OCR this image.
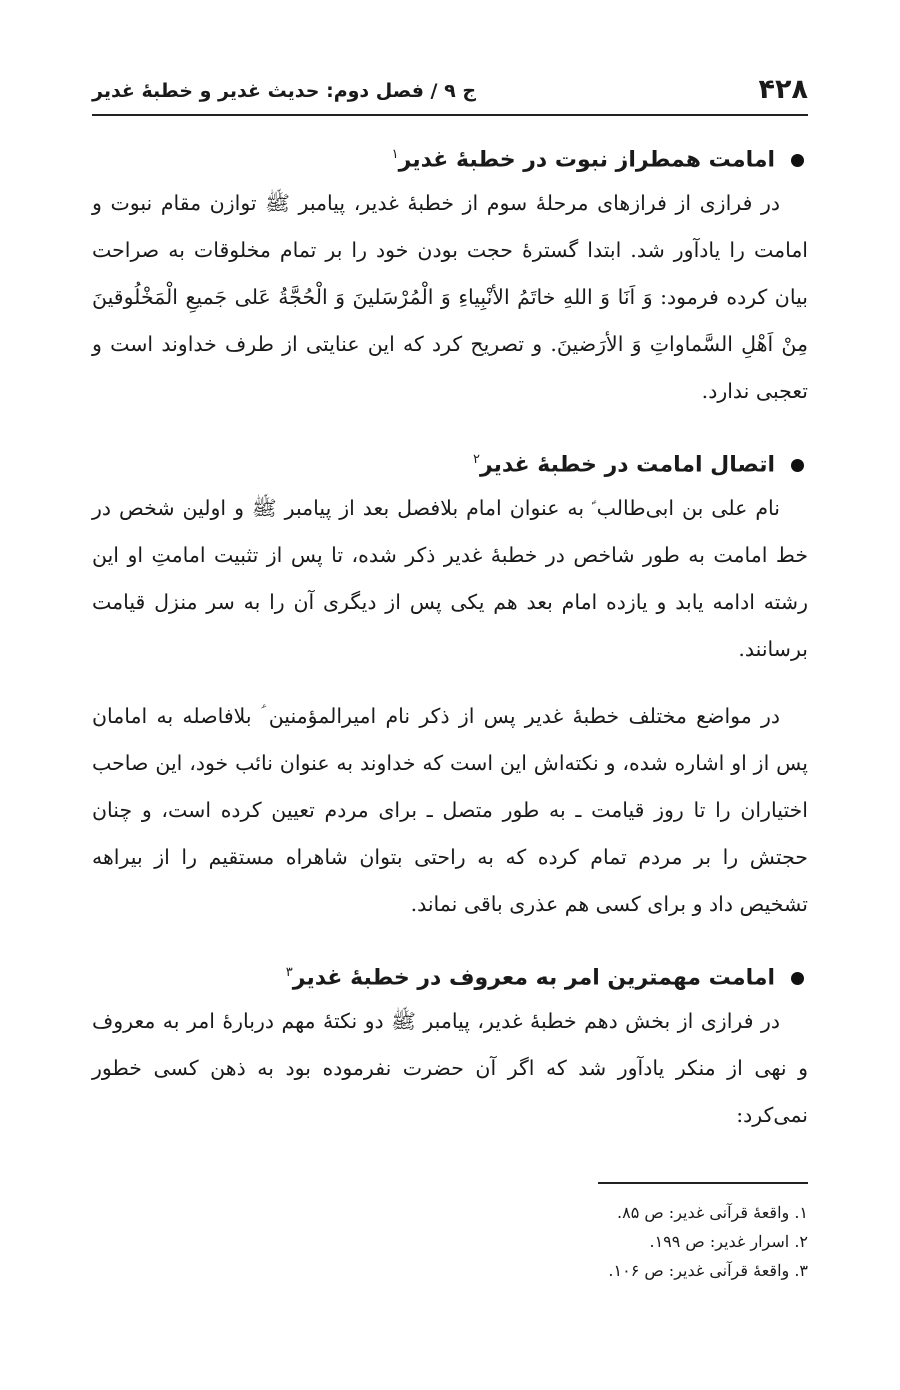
۴۲۸
ج ۹ / فصل دوم: حدیث غدیر و خطبهٔ غدیر
امامت همطراز نبوت در خطبهٔ غدیر$^۱$

در فرازی از فرازهای مرحلهٔ سوم از خطبهٔ غدیر، پیامبر ﷺ توازن مقام نبوت و امامت را یادآور شد. ابتدا گسترهٔ حجت بودن خود را بر تمام مخلوقات به صراحت بیان کرده فرمود: وَ اَنَا وَ اللهِ خاتَمُ الأنْبِیاءِ وَ الْمُرْسَلینَ وَ الْحُجَّةُ عَلی جَمیعِ الْمَخْلُوقینَ مِنْ اَهْلِ السَّماواتِ وَ الأرَضینَ. و تصریح کرد که این عنایتی از طرف خداوند است و تعجبی ندارد.

اتصال امامت در خطبهٔ غدیر$^۲$

نام علی بن ابی‌طالب ؑ به عنوان امام بلافصل بعد از پیامبر ﷺ و اولین شخص در خط امامت به طور شاخص در خطبهٔ غدیر ذکر شده، تا پس از تثبیت امامتِ او این رشته ادامه یابد و یازده امام بعد هم یکی پس از دیگری آن را به سر منزل قیامت برسانند.

در مواضع مختلف خطبهٔ غدیر پس از ذکر نام امیرالمؤمنین ؑ بلافاصله به امامان پس از او اشاره شده، و نکته‌اش این است که خداوند به عنوان نائب خود، این صاحب اختیاران را تا روز قیامت ـ به طور متصل ـ برای مردم تعیین کرده است، و چنان حجتش را بر مردم تمام کرده که به راحتی بتوان شاهراه مستقیم را از بیراهه تشخیص داد و برای کسی هم عذری باقی نماند.

امامت مهمترین امر به معروف در خطبهٔ غدیر$^۳$

در فرازی از بخش دهم خطبهٔ غدیر، پیامبر ﷺ دو نکتهٔ مهم دربارهٔ امر به معروف و نهی از منکر یادآور شد که اگر آن حضرت نفرموده بود به ذهن کسی خطور نمی‌کرد:

۱. واقعهٔ قرآنی غدیر: ص ۸۵.

۲. اسرار غدیر: ص ۱۹۹.

۳. واقعهٔ قرآنی غدیر: ص ۱۰۶.
